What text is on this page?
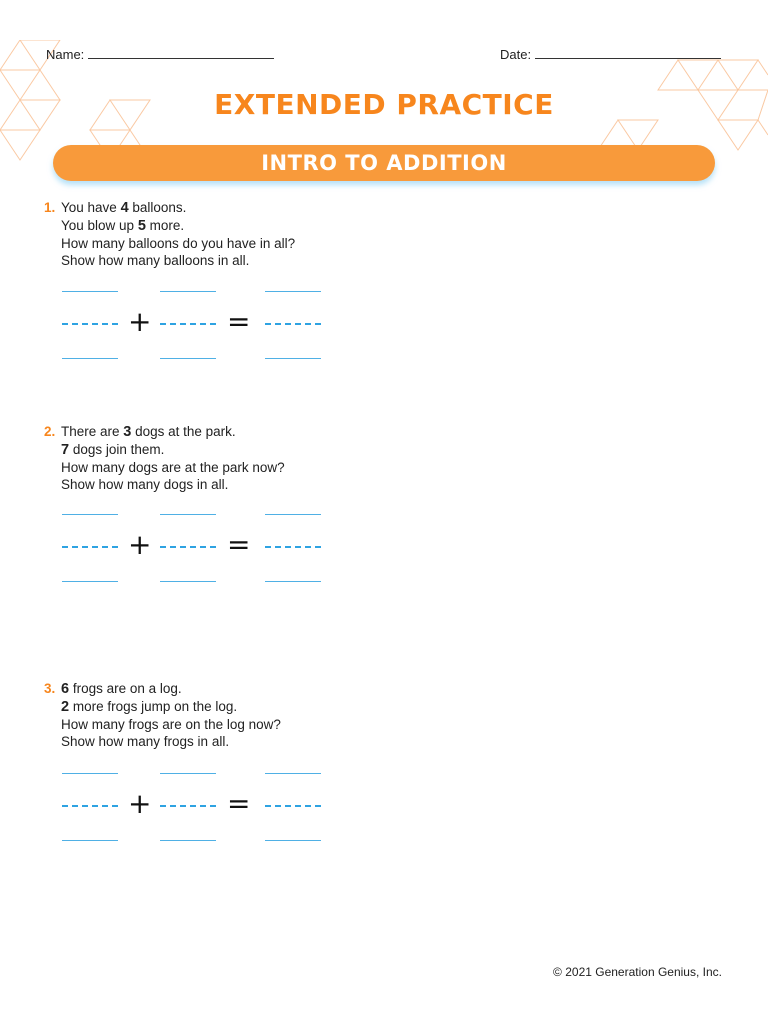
Name:	Date:
EXTENDED PRACTICE
INTRO TO ADDITION
1. You have 4 balloons.
You blow up 5 more.
How many balloons do you have in all?
Show how many balloons in all.
+	=
2. There are 3 dogs at the park.
7 dogs join them.
How many dogs are at the park now?
Show how many dogs in all.
+	=
3. 6 frogs are on a log.
2 more frogs jump on the log.
How many frogs are on the log now?
Show how many frogs in all.
+	=
© 2021 Generation Genius, Inc.
